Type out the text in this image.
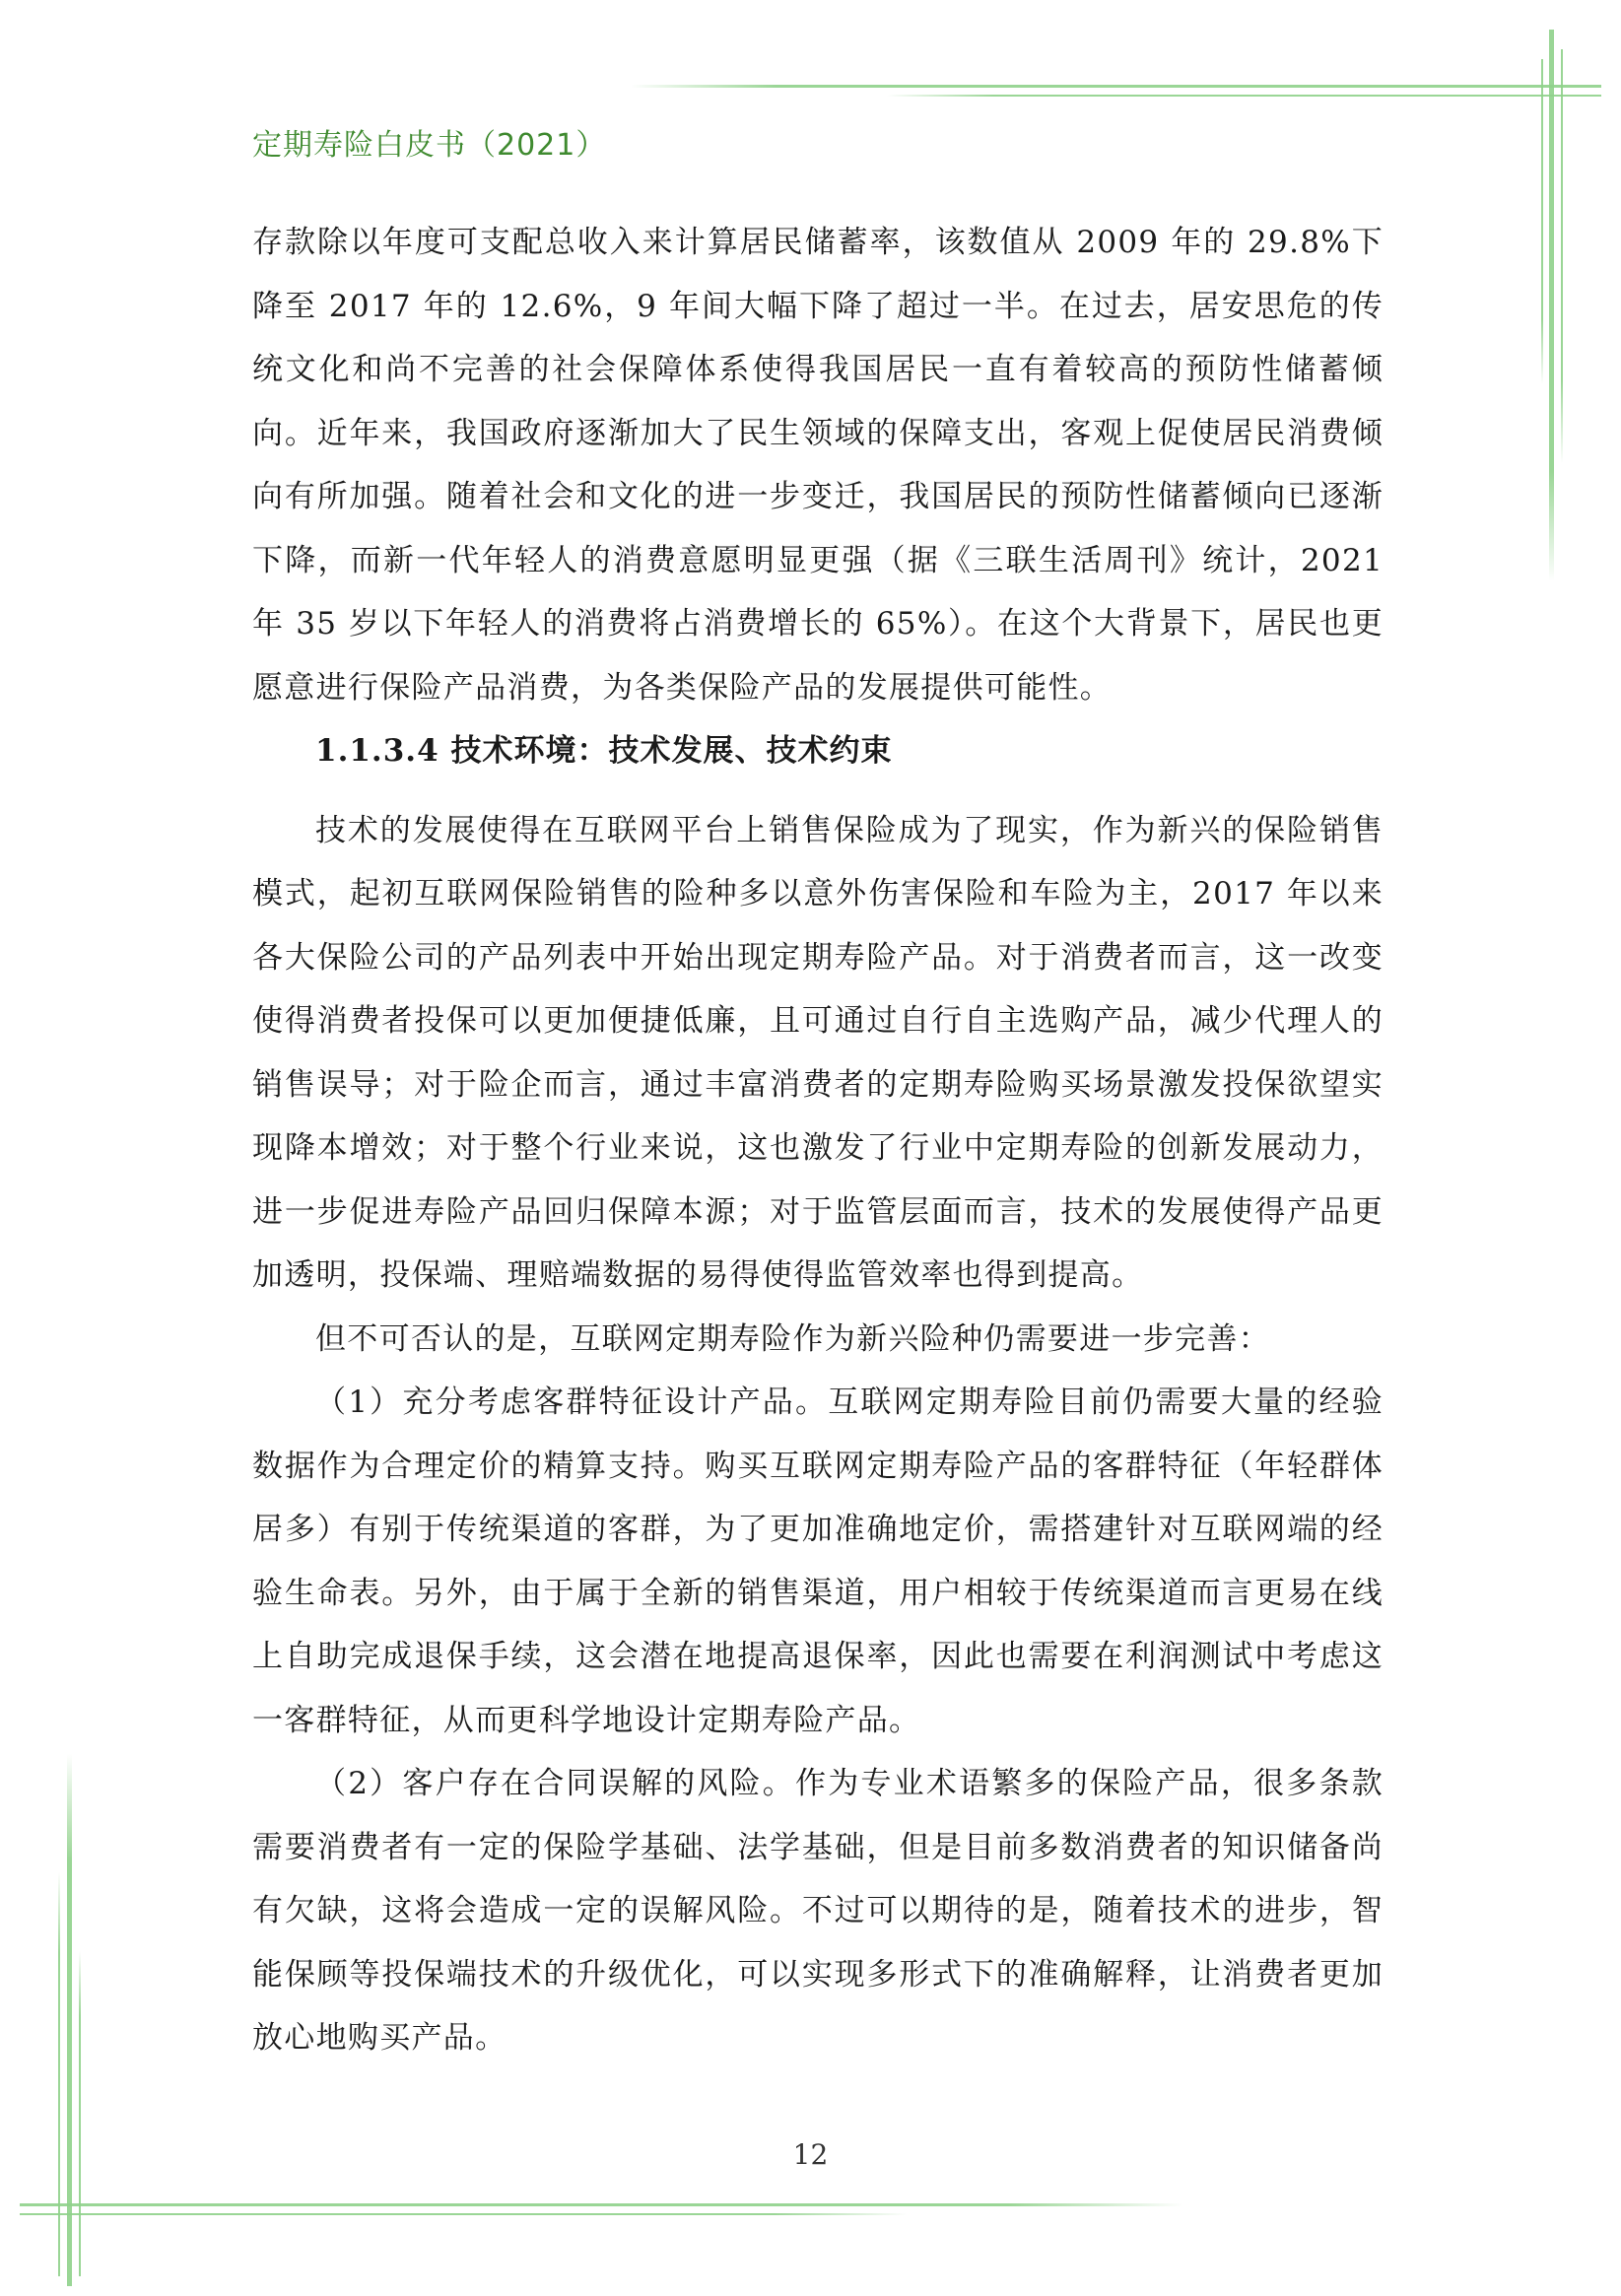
定期寿险白皮书（2021）

存款除以年度可支配总收入来计算居民储蓄率，该数值从 2009 年的 29.8%下降至 2017 年的 12.6%，9 年间大幅下降了超过一半。在过去，居安思危的传统文化和尚不完善的社会保障体系使得我国居民一直有着较高的预防性储蓄倾向。近年来，我国政府逐渐加大了民生领域的保障支出，客观上促使居民消费倾向有所加强。随着社会和文化的进一步变迁，我国居民的预防性储蓄倾向已逐渐下降，而新一代年轻人的消费意愿明显更强（据《三联生活周刊》统计，2021 年 35 岁以下年轻人的消费将占消费增长的 65%）。在这个大背景下，居民也更愿意进行保险产品消费，为各类保险产品的发展提供可能性。

1.1.3.4 技术环境：技术发展、技术约束

技术的发展使得在互联网平台上销售保险成为了现实，作为新兴的保险销售模式，起初互联网保险销售的险种多以意外伤害保险和车险为主，2017 年以来各大保险公司的产品列表中开始出现定期寿险产品。对于消费者而言，这一改变使得消费者投保可以更加便捷低廉，且可通过自行自主选购产品，减少代理人的销售误导；对于险企而言，通过丰富消费者的定期寿险购买场景激发投保欲望实现降本增效；对于整个行业来说，这也激发了行业中定期寿险的创新发展动力，进一步促进寿险产品回归保障本源；对于监管层面而言，技术的发展使得产品更加透明，投保端、理赔端数据的易得使得监管效率也得到提高。

但不可否认的是，互联网定期寿险作为新兴险种仍需要进一步完善：

（1）充分考虑客群特征设计产品。互联网定期寿险目前仍需要大量的经验数据作为合理定价的精算支持。购买互联网定期寿险产品的客群特征（年轻群体居多）有别于传统渠道的客群，为了更加准确地定价，需搭建针对互联网端的经验生命表。另外，由于属于全新的销售渠道，用户相较于传统渠道而言更易在线上自助完成退保手续，这会潜在地提高退保率，因此也需要在利润测试中考虑这一客群特征，从而更科学地设计定期寿险产品。

（2）客户存在合同误解的风险。作为专业术语繁多的保险产品，很多条款需要消费者有一定的保险学基础、法学基础，但是目前多数消费者的知识储备尚有欠缺，这将会造成一定的误解风险。不过可以期待的是，随着技术的进步，智能保顾等投保端技术的升级优化，可以实现多形式下的准确解释，让消费者更加放心地购买产品。

12
